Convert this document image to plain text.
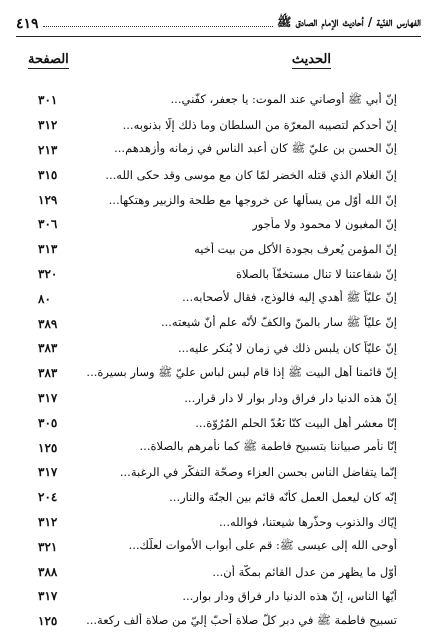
الفهارس الفنّية / أحاديث الإمام الصادق ﷺ
٤١٩
الحديث
الصفحة
إنّ أبي ﷺ أوصاني عند الموت: يا جعفر، كفّني...
٣٠١
إنّ أحدكم لتصيبه المعرّة من السلطان وما ذلك إلّا بذنوبه...
٣١٢
إنّ الحسن بن عليّ ﷺ كان أعبد الناس في زمانه وأزهدهم...
٢١٣
إنّ الغلام الذي قتله الخضر لمّا كان مع موسى وقد حكى الله...
٣١٥
إنّ الله أوّل من يسألها عن خروجها مع طلحة والزبير وهتكها...
١٢٩
إنّ المغبون لا محمود ولا مأجور
٣٠٦
إنّ المؤمن يُعرف بجودة الأكل من بيت أخيه
٣١٣
إنّ شفاعتنا لا تنال مستخفّاً بالصلاة
٣٢٠
إنّ عليّاً ﷺ أُهدي إليه فالوذج، فقال لأصحابه...
٨٠
إنّ عليّاً ﷺ سار بالمنّ والكفّ لأنّه علم أنّ شيعته...
٣٨٩
إنّ عليّاً كان يلبس ذلك في زمان لا يُنكر عليه...
٣٨٣
إنّ قائمنا أهل البيت ﷺ إذا قام لبس لباس عليّ ﷺ وسار بسيرة...
٣٨٣
إنّ هذه الدنيا دار فراق ودار بوار لا دار قرار...
٣١٧
إنّا معشر أهل البيت كنّا نَعُدّ الحلم المُرُوّة...
٣٠٥
إنّا نأمر صبياننا بتسبيح فاطمة ﷺ كما نأمرهم بالصلاة...
١٢٥
إنّما يتفاضل الناس بحسن العزاء وصحّة التفكّر في الرغبة...
٣١٧
إنّه كان ليعمل العمل كأنّه قائم بين الجنّة والنار...
٢٠٤
إيّاك والذنوب وحذّرها شيعتنا، فوالله...
٣١٢
أوحى الله إلى عيسى ﷺ: قم على أبواب الأموات لعلّك...
٣٢١
أوّل ما يظهر من عدل القائم بمكّة أن...
٣٨٨
أيّها الناس، إنّ هذه الدنيا دار فراق ودار بوار...
٣١٧
تسبيح فاطمة ﷺ في دبر كلّ صلاة أحبّ إليّ من صلاة ألف ركعة...
١٢٥
